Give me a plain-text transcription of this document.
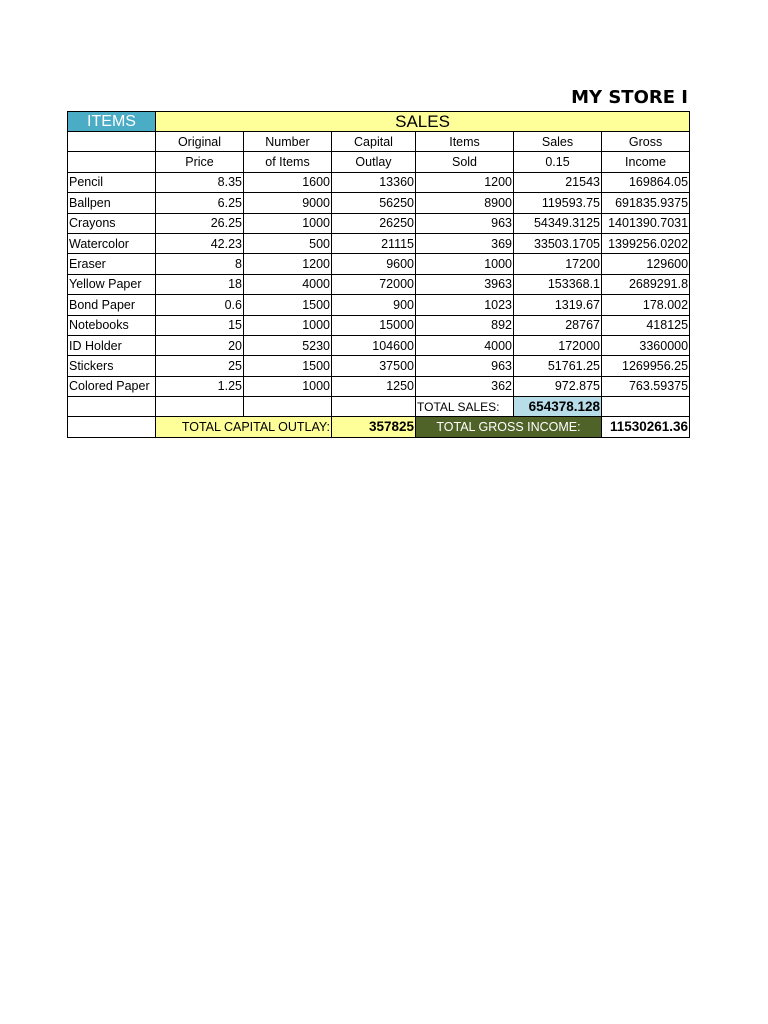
MY STORE I
ITEMS	SALES					
	Original	Number	Capital	Items	Sales	Gross
	Price	of Items	Outlay	Sold	0.15	Income
Pencil	8.35	1600	13360	1200	21543	169864.05
Ballpen	6.25	9000	56250	8900	119593.75	691835.9375
Crayons	26.25	1000	26250	963	54349.3125	1401390.7031
Watercolor	42.23	500	21115	369	33503.1705	1399256.0202
Eraser	8	1200	9600	1000	17200	129600
Yellow Paper	18	4000	72000	3963	153368.1	2689291.8
Bond Paper	0.6	1500	900	1023	1319.67	178.002
Notebooks	15	1000	15000	892	28767	418125
ID Holder	20	5230	104600	4000	172000	3360000
Stickers	25	1500	37500	963	51761.25	1269956.25
Colored Paper	1.25	1000	1250	362	972.875	763.59375
				TOTAL SALES:	654378.128	
	TOTAL CAPITAL OUTLAY:		357825	TOTAL GROSS INCOME:		11530261.36
